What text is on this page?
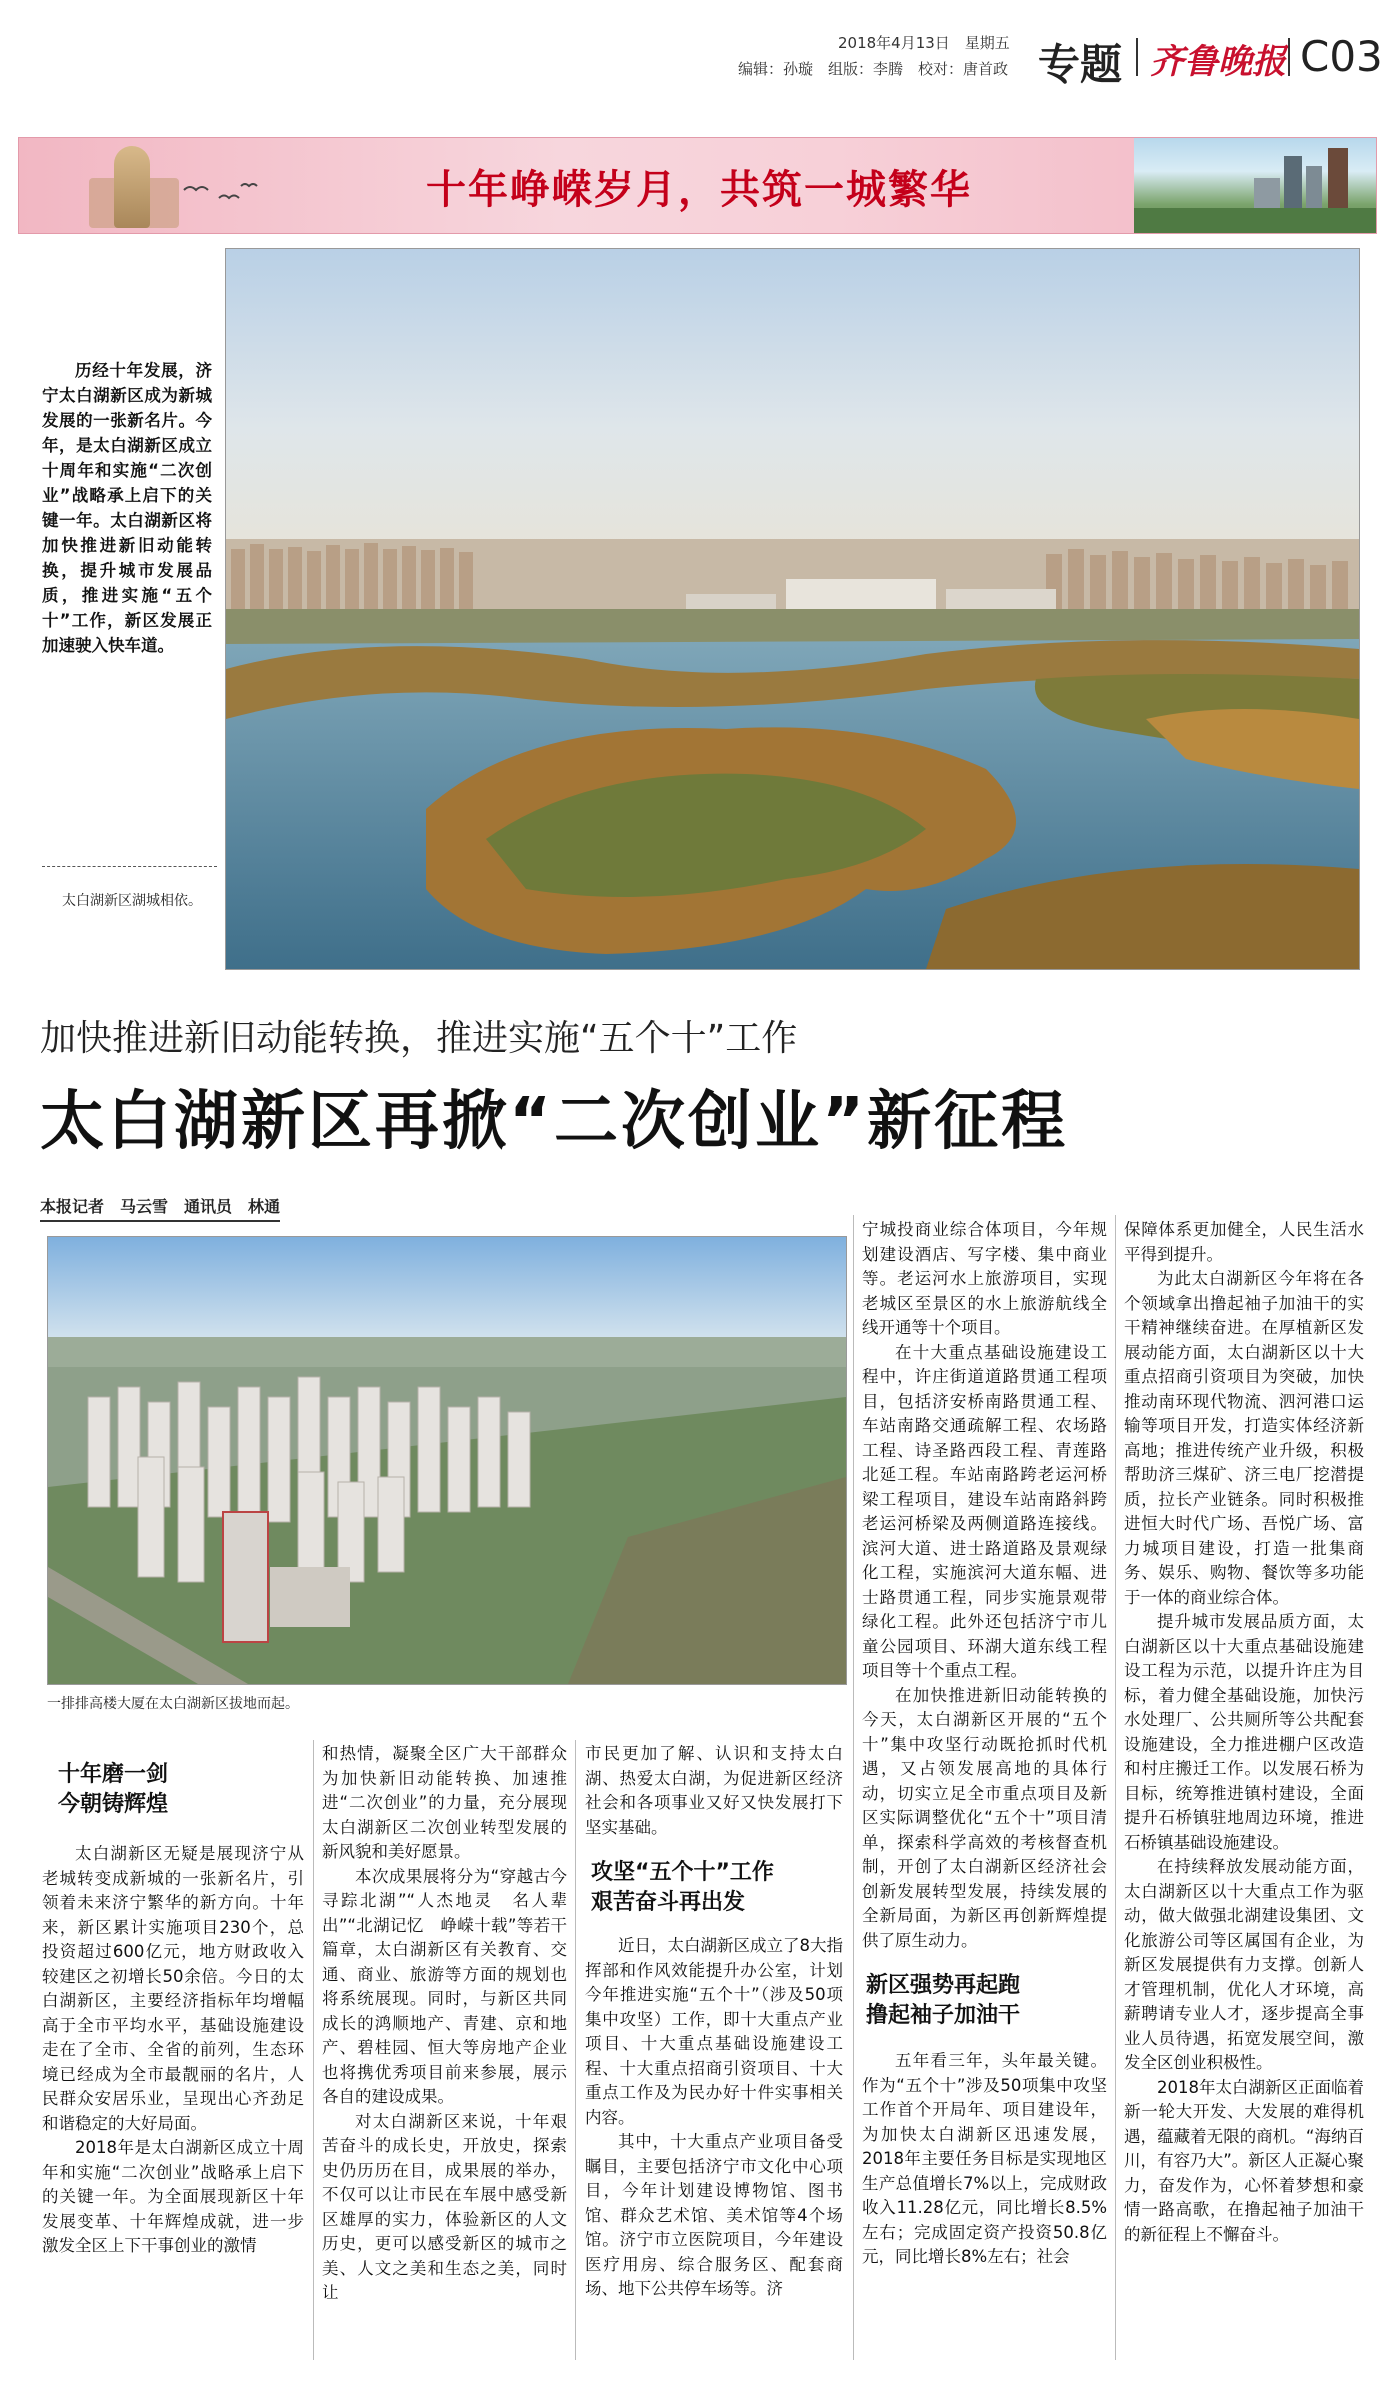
2018年4月13日　星期五
编辑：孙璇　组版：李腾　校对：唐首政 专题 齐鲁晚报 C03
十年峥嵘岁月，共筑一城繁华
历经十年发展，济宁太白湖新区成为新城发展的一张新名片。今年，是太白湖新区成立十周年和实施“二次创业”战略承上启下的关键一年。太白湖新区将加快推进新旧动能转换，提升城市发展品质，推进实施“五个十”工作，新区发展正加速驶入快车道。
太白湖新区湖城相依。
加快推进新旧动能转换，推进实施“五个十”工作
太白湖新区再掀“二次创业”新征程
本报记者　马云雪　通讯员　林通
一排排高楼大厦在太白湖新区拔地而起。
十年磨一剑
今朝铸辉煌

太白湖新区无疑是展现济宁从老城转变成新城的一张新名片，引领着未来济宁繁华的新方向。十年来，新区累计实施项目230个，总投资超过600亿元，地方财政收入较建区之初增长50余倍。今日的太白湖新区，主要经济指标年均增幅高于全市平均水平，基础设施建设走在了全市、全省的前列，生态环境已经成为全市最靓丽的名片，人民群众安居乐业，呈现出心齐劲足和谐稳定的大好局面。

2018年是太白湖新区成立十周年和实施“二次创业”战略承上启下的关键一年。为全面展现新区十年发展变革、十年辉煌成就，进一步激发全区上下干事创业的激情

和热情，凝聚全区广大干部群众为加快新旧动能转换、加速推进“二次创业”的力量，充分展现太白湖新区二次创业转型发展的新风貌和美好愿景。

本次成果展将分为“穿越古今　寻踪北湖”“人杰地灵　名人辈出”“北湖记忆　峥嵘十载”等若干篇章，太白湖新区有关教育、交通、商业、旅游等方面的规划也将系统展现。同时，与新区共同成长的鸿顺地产、青建、京和地产、碧桂园、恒大等房地产企业也将携优秀项目前来参展，展示各自的建设成果。

对太白湖新区来说，十年艰苦奋斗的成长史，开放史，探索史仍历历在目，成果展的举办，不仅可以让市民在车展中感受新区雄厚的实力，体验新区的人文历史，更可以感受新区的城市之美、人文之美和生态之美，同时让

市民更加了解、认识和支持太白湖、热爱太白湖，为促进新区经济社会和各项事业又好又快发展打下坚实基础。

攻坚“五个十”工作
艰苦奋斗再出发

近日，太白湖新区成立了8大指挥部和作风效能提升办公室，计划今年推进实施“五个十”（涉及50项集中攻坚）工作，即十大重点产业项目、十大重点基础设施建设工程、十大重点招商引资项目、十大重点工作及为民办好十件实事相关内容。

其中，十大重点产业项目备受瞩目，主要包括济宁市文化中心项目，今年计划建设博物馆、图书馆、群众艺术馆、美术馆等4个场馆。济宁市立医院项目，今年建设医疗用房、综合服务区、配套商场、地下公共停车场等。济

宁城投商业综合体项目，今年规划建设酒店、写字楼、集中商业等。老运河水上旅游项目，实现老城区至景区的水上旅游航线全线开通等十个项目。

在十大重点基础设施建设工程中，许庄街道道路贯通工程项目，包括济安桥南路贯通工程、车站南路交通疏解工程、农场路工程、诗圣路西段工程、青莲路北延工程。车站南路跨老运河桥梁工程项目，建设车站南路斜跨老运河桥梁及两侧道路连接线。滨河大道、进士路道路及景观绿化工程，实施滨河大道东幅、进士路贯通工程，同步实施景观带绿化工程。此外还包括济宁市儿童公园项目、环湖大道东线工程项目等十个重点工程。

在加快推进新旧动能转换的今天，太白湖新区开展的“五个十”集中攻坚行动既抢抓时代机遇，又占领发展高地的具体行动，切实立足全市重点项目及新区实际调整优化“五个十”项目清单，探索科学高效的考核督查机制，开创了太白湖新区经济社会创新发展转型发展，持续发展的全新局面，为新区再创新辉煌提供了原生动力。

新区强势再起跑
撸起袖子加油干

五年看三年，头年最关键。作为“五个十”涉及50项集中攻坚工作首个开局年、项目建设年，为加快太白湖新区迅速发展，2018年主要任务目标是实现地区生产总值增长7%以上，完成财政收入11.28亿元，同比增长8.5%左右；完成固定资产投资50.8亿元，同比增长8%左右；社会

保障体系更加健全，人民生活水平得到提升。

为此太白湖新区今年将在各个领域拿出撸起袖子加油干的实干精神继续奋进。在厚植新区发展动能方面，太白湖新区以十大重点招商引资项目为突破，加快推动南环现代物流、泗河港口运输等项目开发，打造实体经济新高地；推进传统产业升级，积极帮助济三煤矿、济三电厂挖潜提质，拉长产业链条。同时积极推进恒大时代广场、吾悦广场、富力城项目建设，打造一批集商务、娱乐、购物、餐饮等多功能于一体的商业综合体。

提升城市发展品质方面，太白湖新区以十大重点基础设施建设工程为示范，以提升许庄为目标，着力健全基础设施，加快污水处理厂、公共厕所等公共配套设施建设，全力推进棚户区改造和村庄搬迁工作。以发展石桥为目标，统筹推进镇村建设，全面提升石桥镇驻地周边环境，推进石桥镇基础设施建设。

在持续释放发展动能方面，太白湖新区以十大重点工作为驱动，做大做强北湖建设集团、文化旅游公司等区属国有企业，为新区发展提供有力支撑。创新人才管理机制，优化人才环境，高薪聘请专业人才，逐步提高全事业人员待遇，拓宽发展空间，激发全区创业积极性。

2018年太白湖新区正面临着新一轮大开发、大发展的难得机遇，蕴藏着无限的商机。“海纳百川，有容乃大”。新区人正凝心聚力，奋发作为，心怀着梦想和豪情一路高歌，在撸起袖子加油干的新征程上不懈奋斗。
